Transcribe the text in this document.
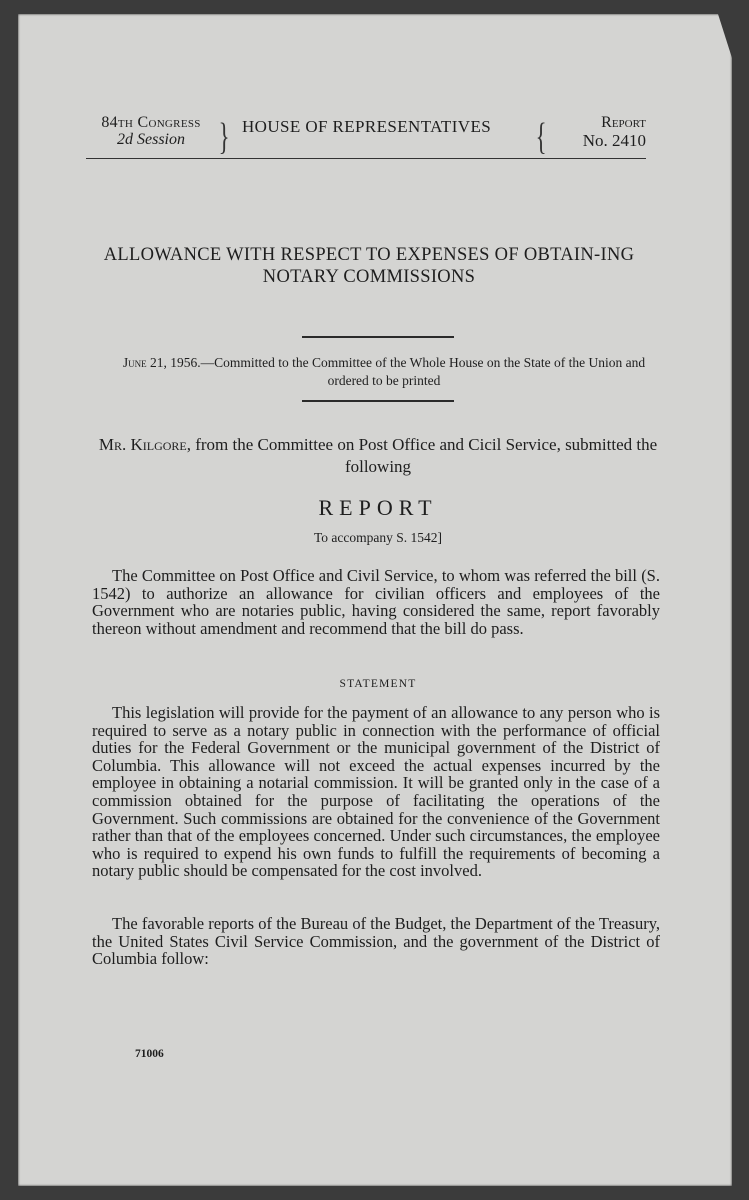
84th Congress
2d Session } HOUSE OF REPRESENTATIVES {	Report
No. 2410
ALLOWANCE WITH RESPECT TO EXPENSES OF OBTAIN-ING NOTARY COMMISSIONS
June 21, 1956.—Committed to the Committee of the Whole House on the State of the Union and ordered to be printed
Mr. Kilgore, from the Committee on Post Office and Cicil Service, submitted the following
REPORT
To accompany S. 1542]
The Committee on Post Office and Civil Service, to whom was referred the bill (S. 1542) to authorize an allowance for civilian officers and employees of the Government who are notaries public, having considered the same, report favorably thereon without amendment and recommend that the bill do pass.
STATEMENT
This legislation will provide for the payment of an allowance to any person who is required to serve as a notary public in connection with the performance of official duties for the Federal Government or the municipal government of the District of Columbia. This allowance will not exceed the actual expenses incurred by the employee in obtaining a notarial commission. It will be granted only in the case of a commission obtained for the purpose of facilitating the operations of the Government. Such commissions are obtained for the convenience of the Government rather than that of the employees concerned. Under such circumstances, the employee who is required to expend his own funds to fulfill the requirements of becoming a notary public should be compensated for the cost involved.
The favorable reports of the Bureau of the Budget, the Department of the Treasury, the United States Civil Service Commission, and the government of the District of Columbia follow:
71006
